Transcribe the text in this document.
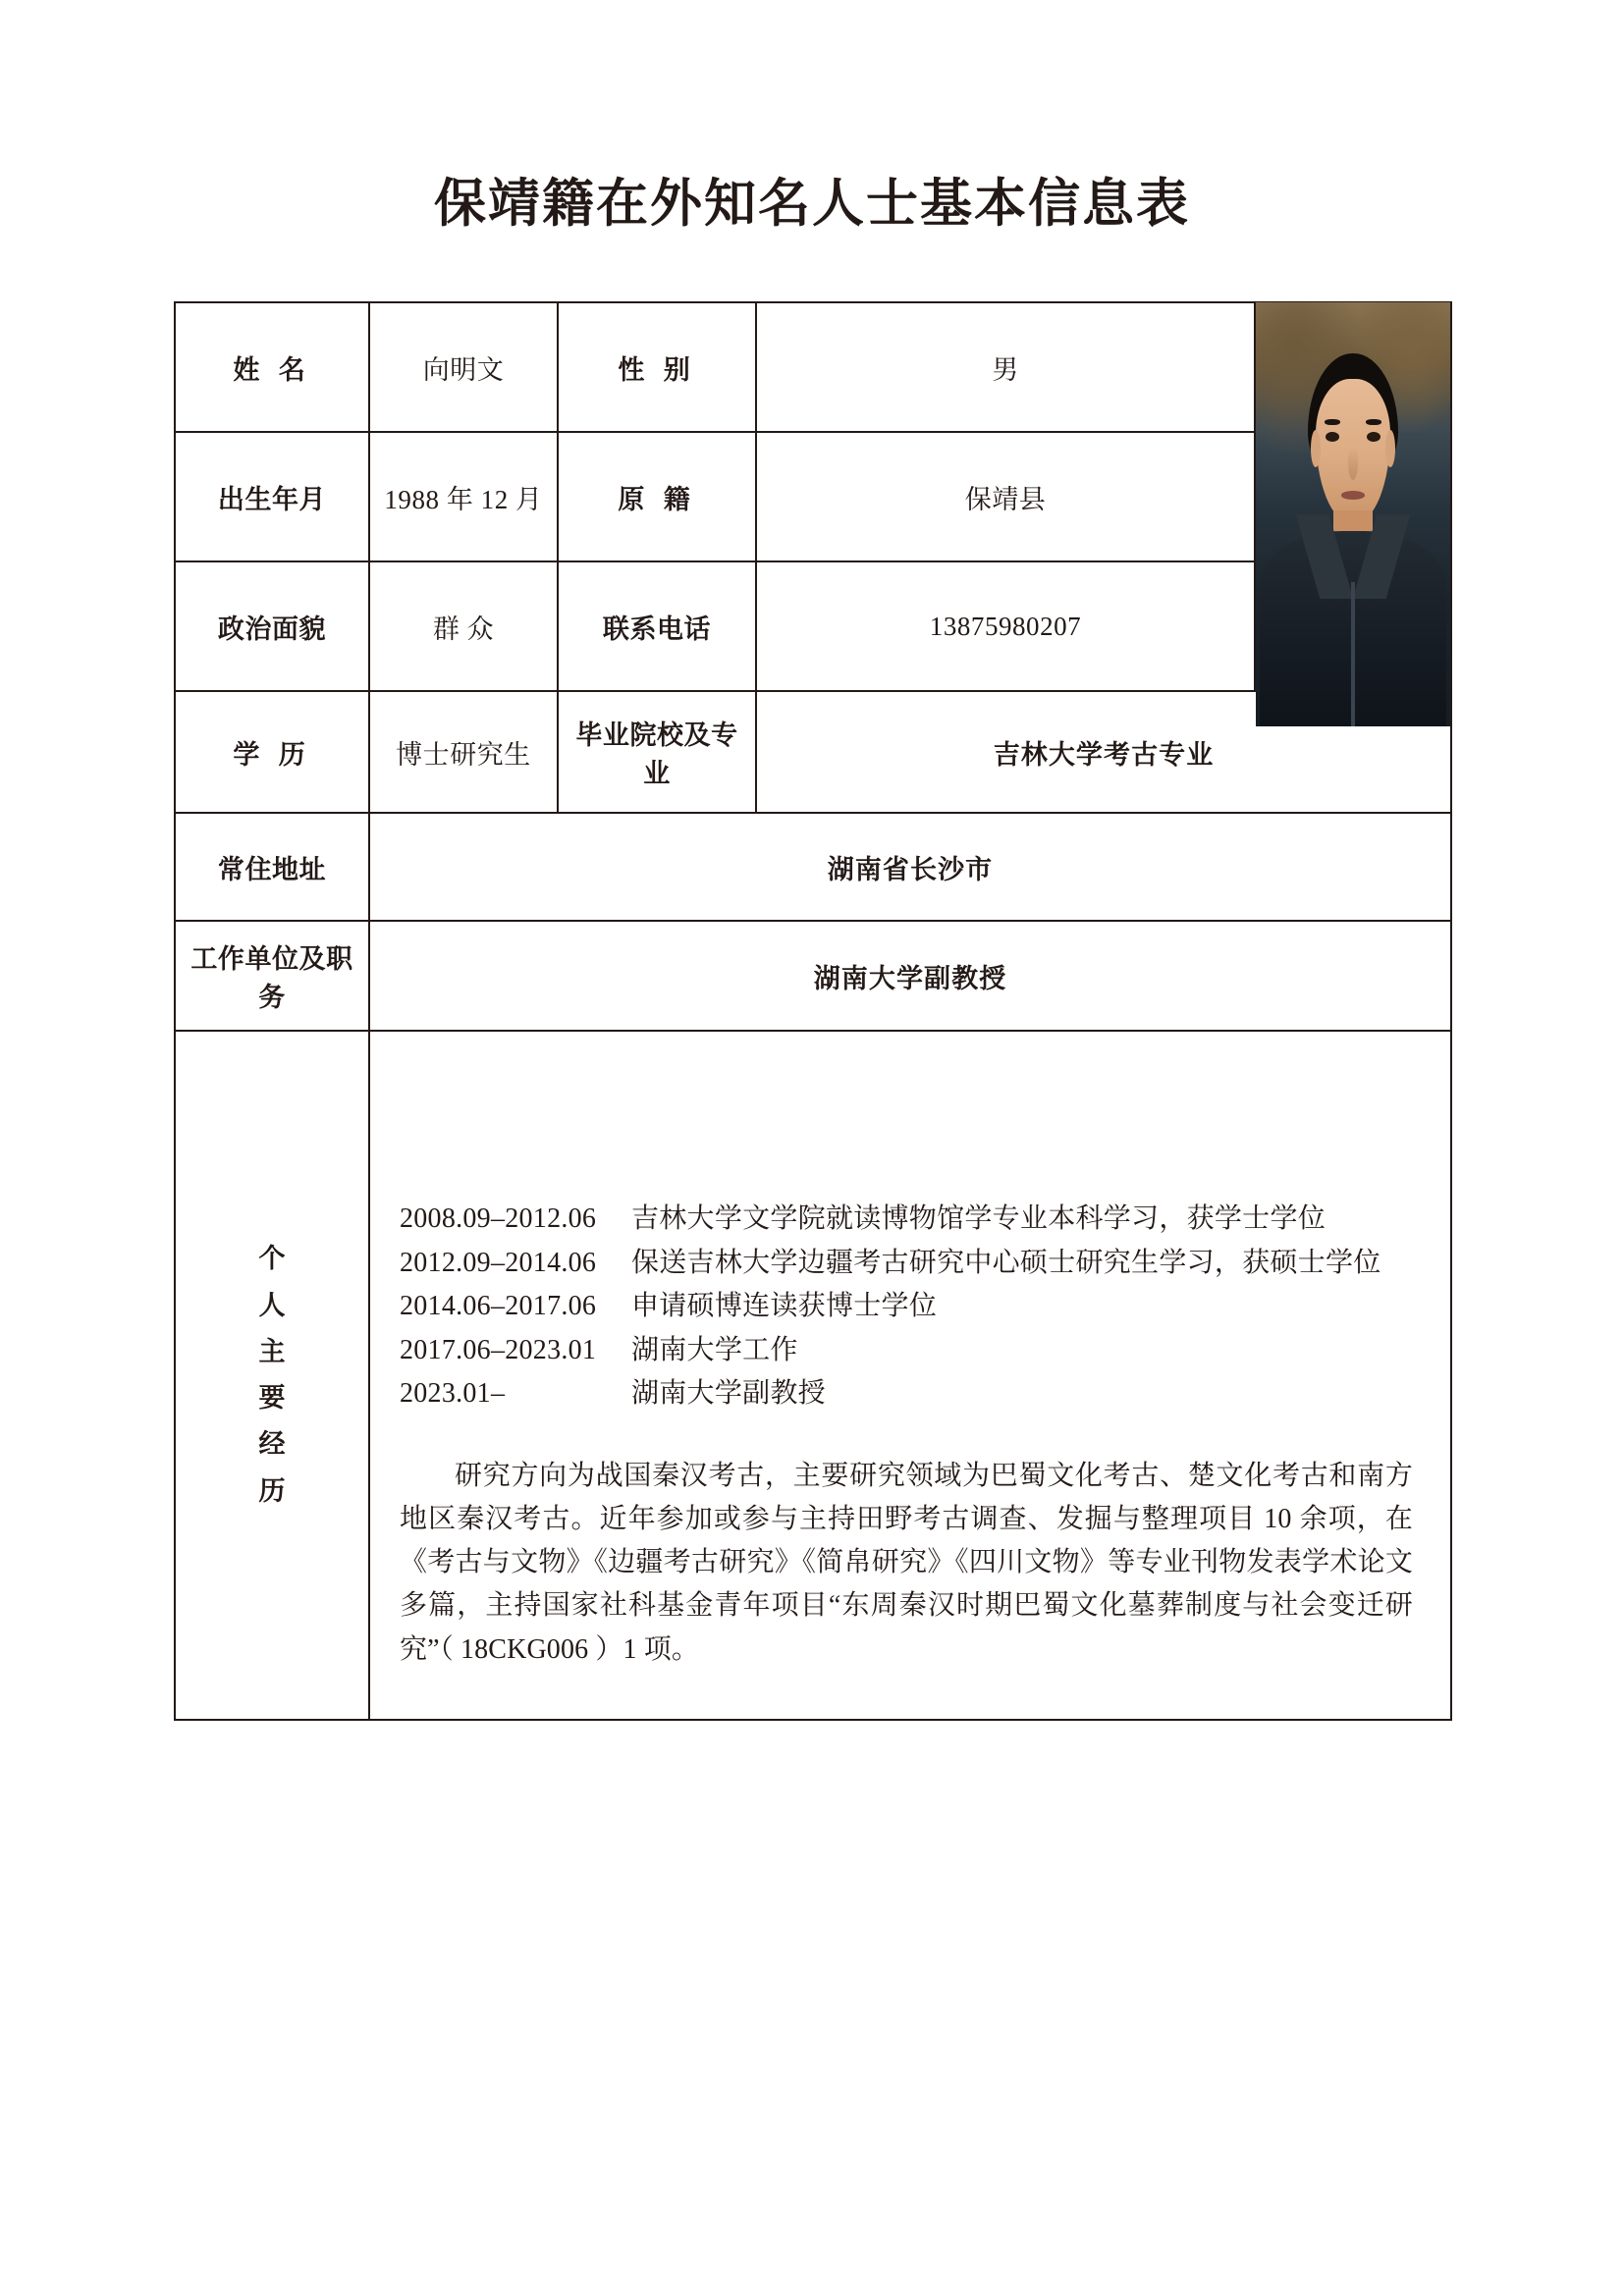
保靖籍在外知名人士基本信息表
姓 名	向明文	性 别	男	

出生年月	1988 年 12 月	原 籍	保靖县	
政治面貌	群 众	联系电话	13875980207	
学 历	博士研究生	毕业院校及专业	吉林大学考古专业	
常住地址	湖南省长沙市			
工作单位及职务	湖南大学副教授			

个
人
主
要
经
历

2008.09–2012.06	吉林大学文学院就读博物馆学专业本科学习，获学士学位
2012.09–2014.06	保送吉林大学边疆考古研究中心硕士研究生学习，获硕士学位
2014.06–2017.06	申请硕博连读获博士学位
2017.06–2023.01	湖南大学工作
2023.01–	湖南大学副教授
研究方向为战国秦汉考古，主要研究领域为巴蜀文化考古、楚文化考古和南方地区秦汉考古。近年参加或参与主持田野考古调查、发掘与整理项目 10 余项，在《考古与文物》《边疆考古研究》《简帛研究》《四川文物》等专业刊物发表学术论文多篇，主持国家社科基金青年项目“东周秦汉时期巴蜀文化墓葬制度与社会变迁研究”（ 18CKG006 ）1 项。
